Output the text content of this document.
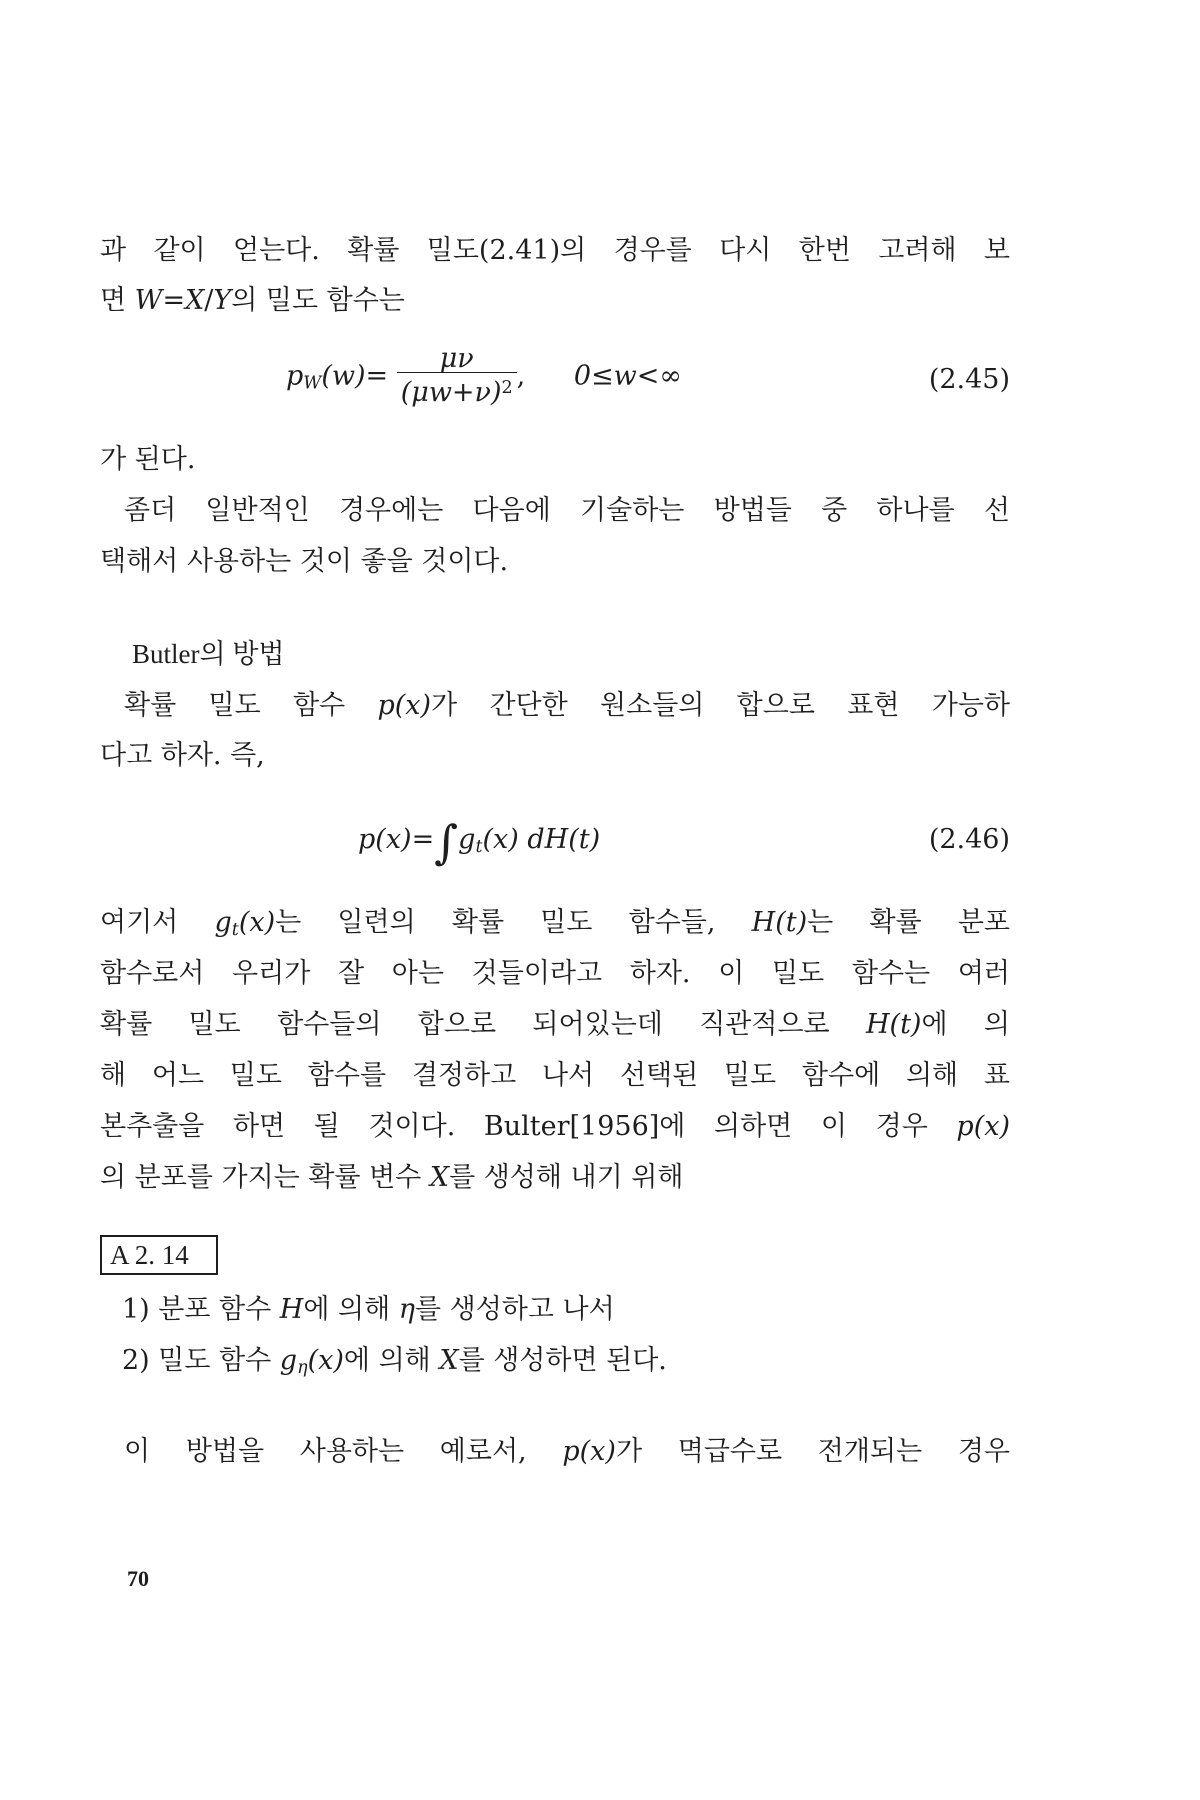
과 같이 얻는다. 확률 밀도(2.41)의 경우를 다시 한번 고려해 보
면 W=X/Y의 밀도 함수는
$p_W(w)= \frac{\mu\nu}{(\mu w+\nu)^2}$ , 0≤w<∞	(2.45)
가 된다.
좀더 일반적인 경우에는 다음에 기술하는 방법들 중 하나를 선
택해서 사용하는 것이 좋을 것이다.
Butler의 방법
확률 밀도 함수 p(x)가 간단한 원소들의 합으로 표현 가능하
다고 하자. 즉,
$p(x)=\int g_t(x)$ dH(t)	(2.46)
여기서 $g_t(x)$는 일련의 확률 밀도 함수들, H(t)는 확률 분포
함수로서 우리가 잘 아는 것들이라고 하자. 이 밀도 함수는 여러
확률 밀도 함수들의 합으로 되어있는데 직관적으로 H(t)에 의
해 어느 밀도 함수를 결정하고 나서 선택된 밀도 함수에 의해 표
본추출을 하면 될 것이다. Bulter[1956]에 의하면 이 경우 p(x)
의 분포를 가지는 확률 변수 X를 생성해 내기 위해
A 2. 14
1) 분포 함수 H에 의해 η를 생성하고 나서
2) 밀도 함수 $g_\eta(x)$에 의해 X를 생성하면 된다.
이 방법을 사용하는 예로서, p(x)가 멱급수로 전개되는 경우
70
